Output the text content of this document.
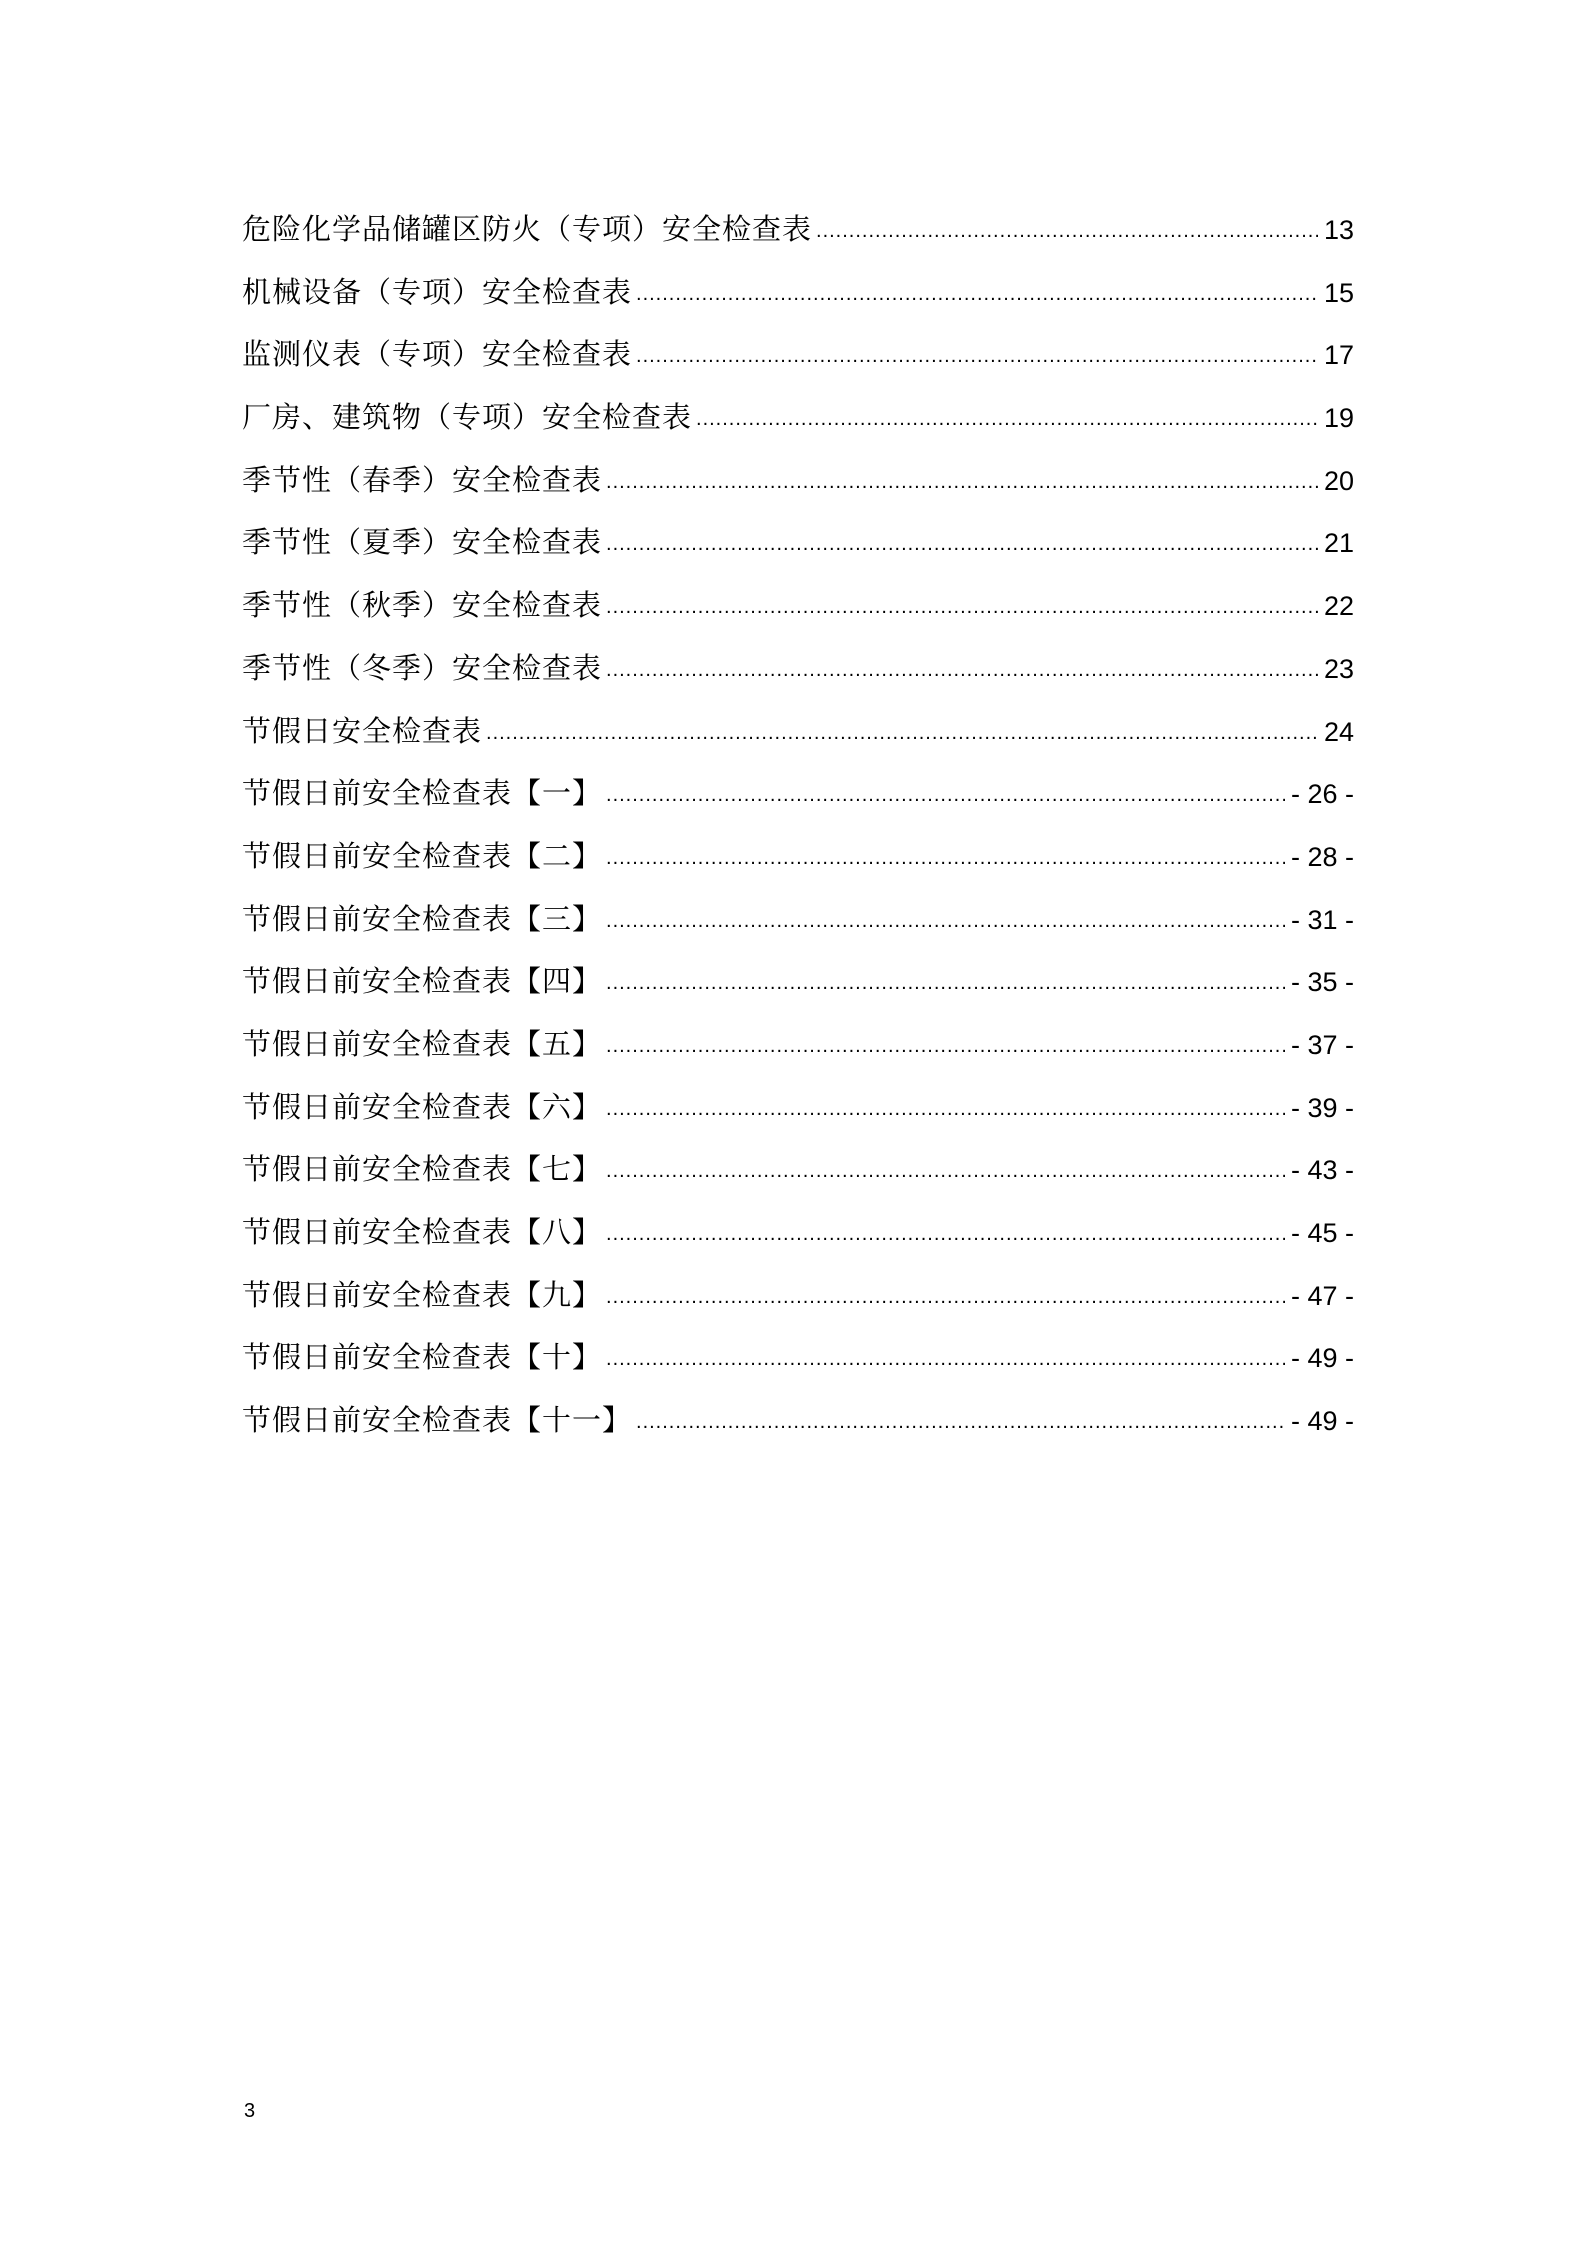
危险化学品储罐区防火（专项）安全检查表 .....	13
机械设备（专项）安全检查表 .....	15
监测仪表（专项）安全检查表 .....	17
厂房、建筑物（专项）安全检查表 .....	19
季节性（春季）安全检查表 .....	20
季节性（夏季）安全检查表 .....	21
季节性（秋季）安全检查表 .....	22
季节性（冬季）安全检查表 .....	23
节假日安全检查表 .....	24
节假日前安全检查表【一】 .....	- 26 -
节假日前安全检查表【二】 .....	- 28 -
节假日前安全检查表【三】 .....	- 31 -
节假日前安全检查表【四】 .....	- 35 -
节假日前安全检查表【五】 .....	- 37 -
节假日前安全检查表【六】 .....	- 39 -
节假日前安全检查表【七】 .....	- 43 -
节假日前安全检查表【八】 .....	- 45 -
节假日前安全检查表【九】 .....	- 47 -
节假日前安全检查表【十】 .....	- 49 -
节假日前安全检查表【十一】 .....	- 49 -
3
